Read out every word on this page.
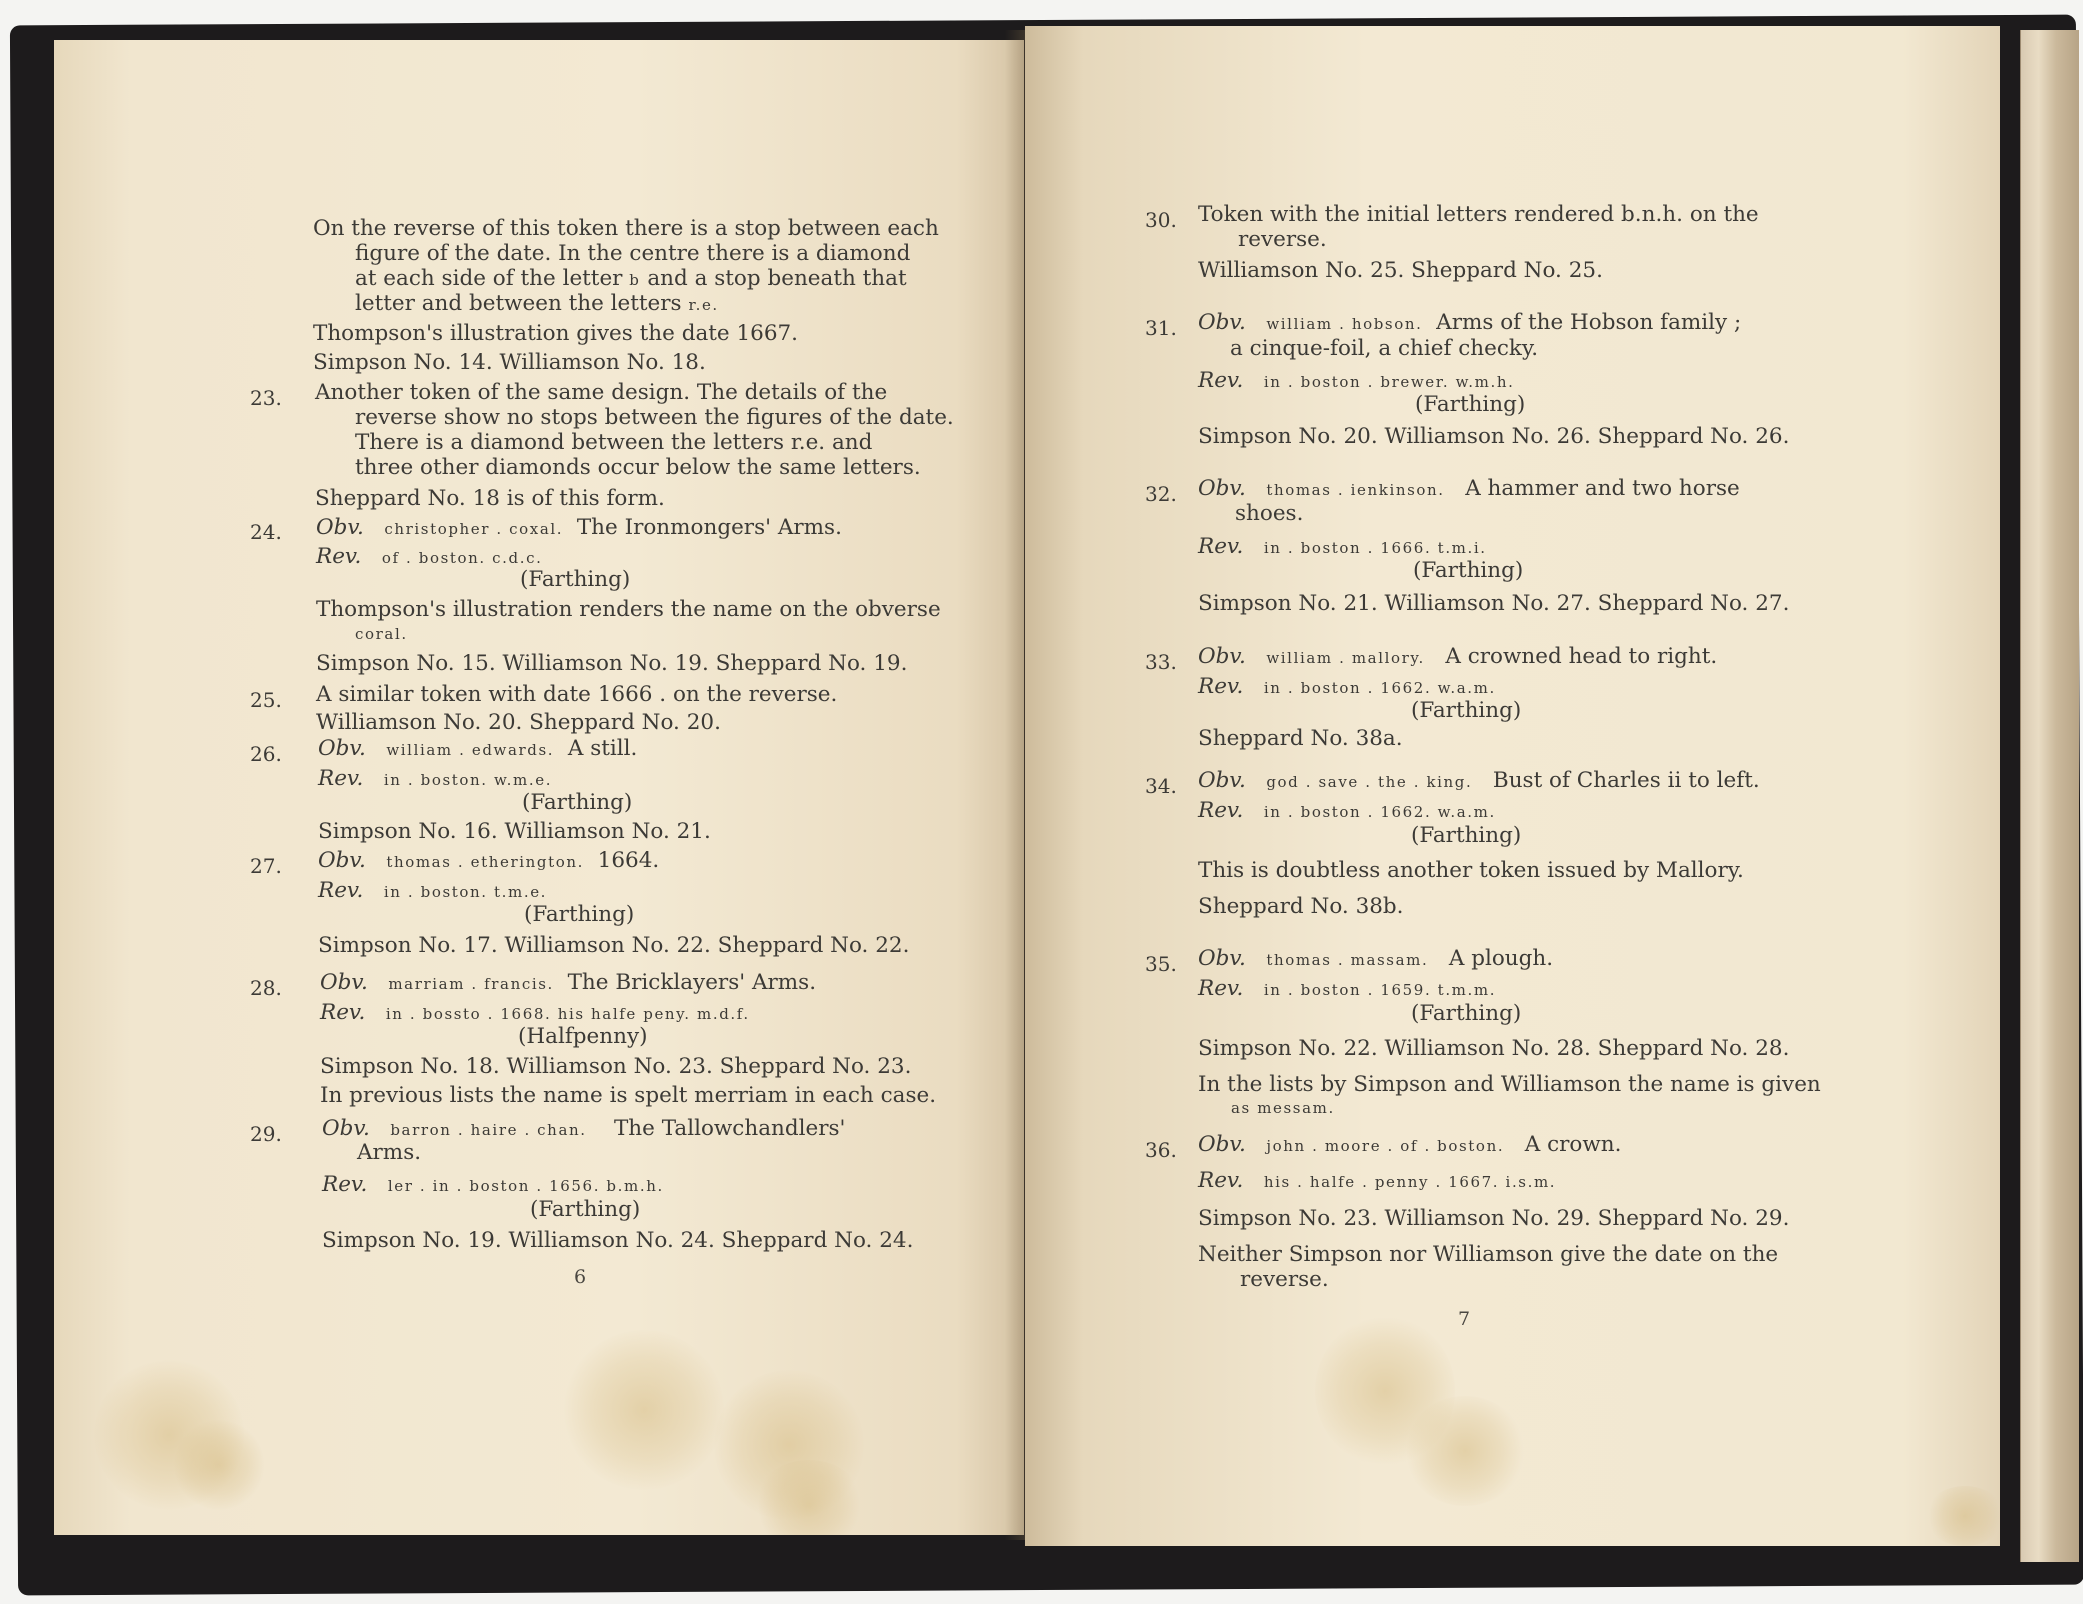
On the reverse of this token there is a stop between each
figure of the date. In the centre there is a diamond
at each side of the letter b and a stop beneath that
letter and between the letters r.e.
Thompson's illustration gives the date 1667.
Simpson No. 14. Williamson No. 18.
23. Another token of the same design. The details of the
reverse show no stops between the figures of the date.
There is a diamond between the letters r.e. and
three other diamonds occur below the same letters.
Sheppard No. 18 is of this form.
24. Obv. christopher . coxal. The Ironmongers' Arms.
Rev. of . boston. c.d.c.
(Farthing)
Thompson's illustration renders the name on the obverse
coral.
Simpson No. 15. Williamson No. 19. Sheppard No. 19.
25. A similar token with date 1666 . on the reverse.
Williamson No. 20. Sheppard No. 20.
26. Obv. william . edwards. A still.
Rev. in . boston. w.m.e.
(Farthing)
Simpson No. 16. Williamson No. 21.
27. Obv. thomas . etherington. 1664.
Rev. in . boston. t.m.e.
(Farthing)
Simpson No. 17. Williamson No. 22. Sheppard No. 22.
28. Obv. marriam . francis. The Bricklayers' Arms.
Rev. in . bossto . 1668. his halfe peny. m.d.f.
(Halfpenny)
Simpson No. 18. Williamson No. 23. Sheppard No. 23.
In previous lists the name is spelt merriam in each case.
29. Obv. barron . haire . chan. The Tallowchandlers'
Arms.
Rev. ler . in . boston . 1656. b.m.h.
(Farthing)
Simpson No. 19. Williamson No. 24. Sheppard No. 24.
6
30. Token with the initial letters rendered b.n.h. on the
reverse.
Williamson No. 25. Sheppard No. 25.
31. Obv. william . hobson. Arms of the Hobson family ;
a cinque-foil, a chief checky.
Rev. in . boston . brewer. w.m.h.
(Farthing)
Simpson No. 20. Williamson No. 26. Sheppard No. 26.
32. Obv. thomas . ienkinson. A hammer and two horse
shoes.
Rev. in . boston . 1666. t.m.i.
(Farthing)
Simpson No. 21. Williamson No. 27. Sheppard No. 27.
33. Obv. william . mallory. A crowned head to right.
Rev. in . boston . 1662. w.a.m.
(Farthing)
Sheppard No. 38a.
34. Obv. god . save . the . king. Bust of Charles ii to left.
Rev. in . boston . 1662. w.a.m.
(Farthing)
This is doubtless another token issued by Mallory.
Sheppard No. 38b.
35. Obv. thomas . massam. A plough.
Rev. in . boston . 1659. t.m.m.
(Farthing)
Simpson No. 22. Williamson No. 28. Sheppard No. 28.
In the lists by Simpson and Williamson the name is given
as messam.
36. Obv. john . moore . of . boston. A crown.
Rev. his . halfe . penny . 1667. i.s.m.
Simpson No. 23. Williamson No. 29. Sheppard No. 29.
Neither Simpson nor Williamson give the date on the
reverse.
7
